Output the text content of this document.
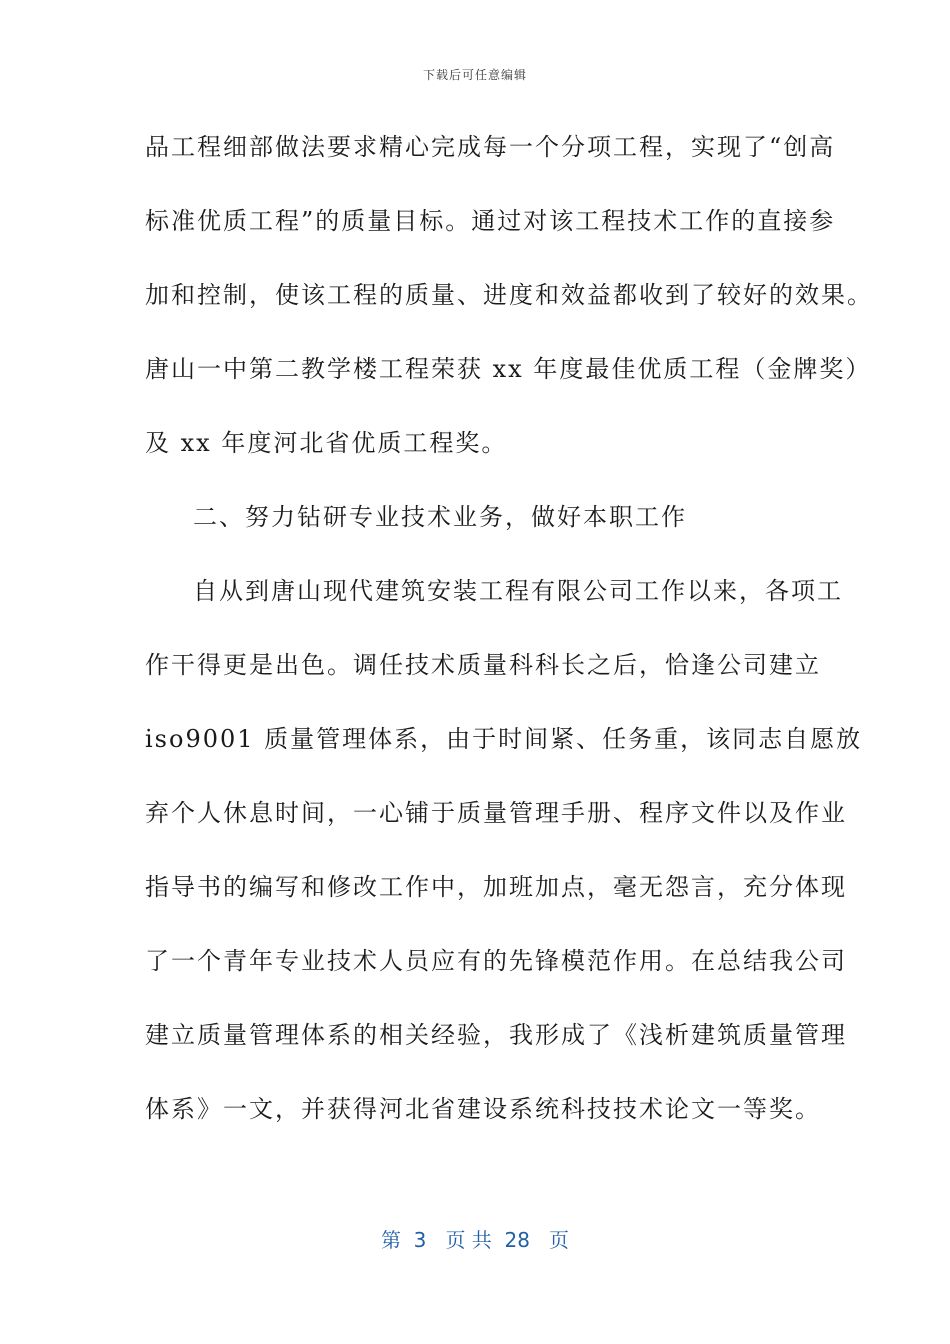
下载后可任意编辑
品工程细部做法要求精心完成每一个分项工程，实现了“创高
标准优质工程”的质量目标。通过对该工程技术工作的直接参
加和控制，使该工程的质量、进度和效益都收到了较好的效果。
唐山一中第二教学楼工程荣获 xx 年度最佳优质工程（金牌奖）
及 xx 年度河北省优质工程奖。
二、努力钻研专业技术业务，做好本职工作
自从到唐山现代建筑安装工程有限公司工作以来，各项工
作干得更是出色。调任技术质量科科长之后，恰逢公司建立
iso9001 质量管理体系，由于时间紧、任务重，该同志自愿放
弃个人休息时间，一心铺于质量管理手册、程序文件以及作业
指导书的编写和修改工作中，加班加点，毫无怨言，充分体现
了一个青年专业技术人员应有的先锋模范作用。在总结我公司
建立质量管理体系的相关经验，我形成了《浅析建筑质量管理
体系》一文，并获得河北省建设系统科技技术论文一等奖。
第  3   页 共  28   页
